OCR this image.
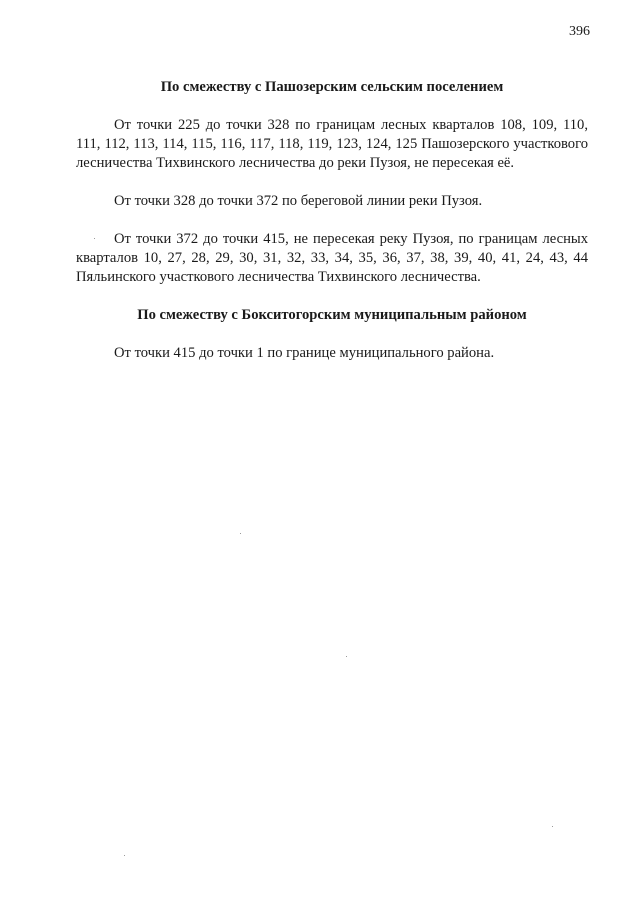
396
По смежеству с Пашозерским сельским поселением

От точки 225 до точки 328 по границам лесных кварталов 108, 109, 110, 111, 112, 113, 114, 115, 116, 117, 118, 119, 123, 124, 125 Пашозерского участкового лесничества Тихвинского лесничества до реки Пузоя, не пересекая её.

От точки 328 до точки 372 по береговой линии реки Пузоя.

От точки 372 до точки 415, не пересекая реку Пузоя, по границам лесных кварталов 10, 27, 28, 29, 30, 31, 32, 33, 34, 35, 36, 37, 38, 39, 40, 41, 24, 43, 44 Пяльинского участкового лесничества Тихвинского лесничества.

По смежеству с Бокситогорским муниципальным районом

От точки 415 до точки 1 по границе муниципального района.
